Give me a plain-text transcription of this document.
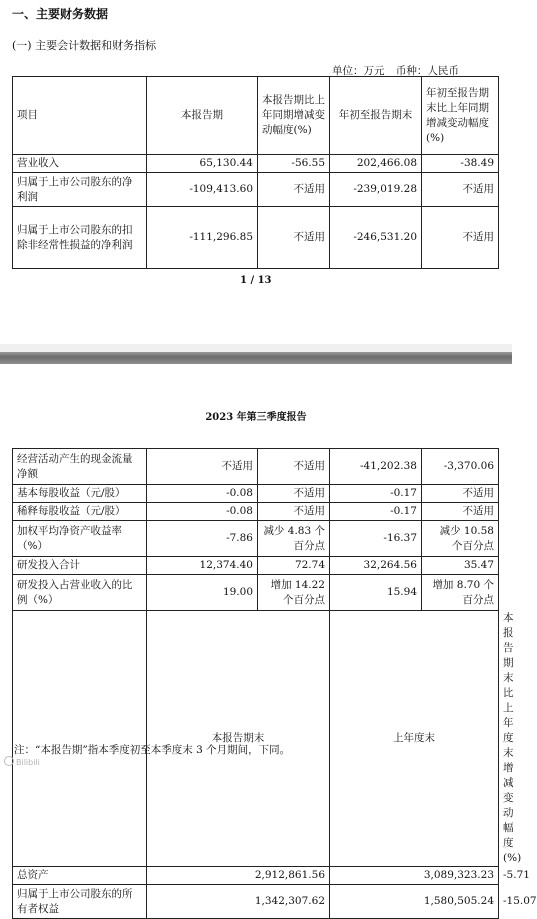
一、主要财务数据
(一) 主要会计数据和财务指标
单位：万元 币种：人民币
项目	本报告期	本报告期比上年同期增减变动幅度(%)	年初至报告期末	年初至报告期末比上年同期增减变动幅度(%)
营业收入	65,130.44	-56.55	202,466.08	-38.49
归属于上市公司股东的净利润	-109,413.60	不适用	-239,019.28	不适用
归属于上市公司股东的扣除非经常性损益的净利润	-111,296.85	不适用	-246,531.20	不适用
1 / 13
2023 年第三季度报告
经营活动产生的现金流量净额	不适用	不适用	-41,202.38	-3,370.06	
基本每股收益（元/股）	-0.08	不适用	-0.17	不适用	
稀释每股收益（元/股）	-0.08	不适用	-0.17	不适用	
加权平均净资产收益率（%）	-7.86	减少 4.83 个百分点	-16.37	减少 10.58 个百分点	
研发投入合计	12,374.40	72.74	32,264.56	35.47	
研发投入占营业收入的比例（%）	19.00	增加 14.22 个百分点	15.94	增加 8.70 个百分点	
	本报告期末		上年度末		本报告期末比上年度末增减变动幅度(%)
总资产	2,912,861.56		3,089,323.23		-5.71
归属于上市公司股东的所有者权益	1,342,307.62		1,580,505.24		-15.07
注：“本报告期”指本季度初至本季度末 3 个月期间，下同。
Bilibili
